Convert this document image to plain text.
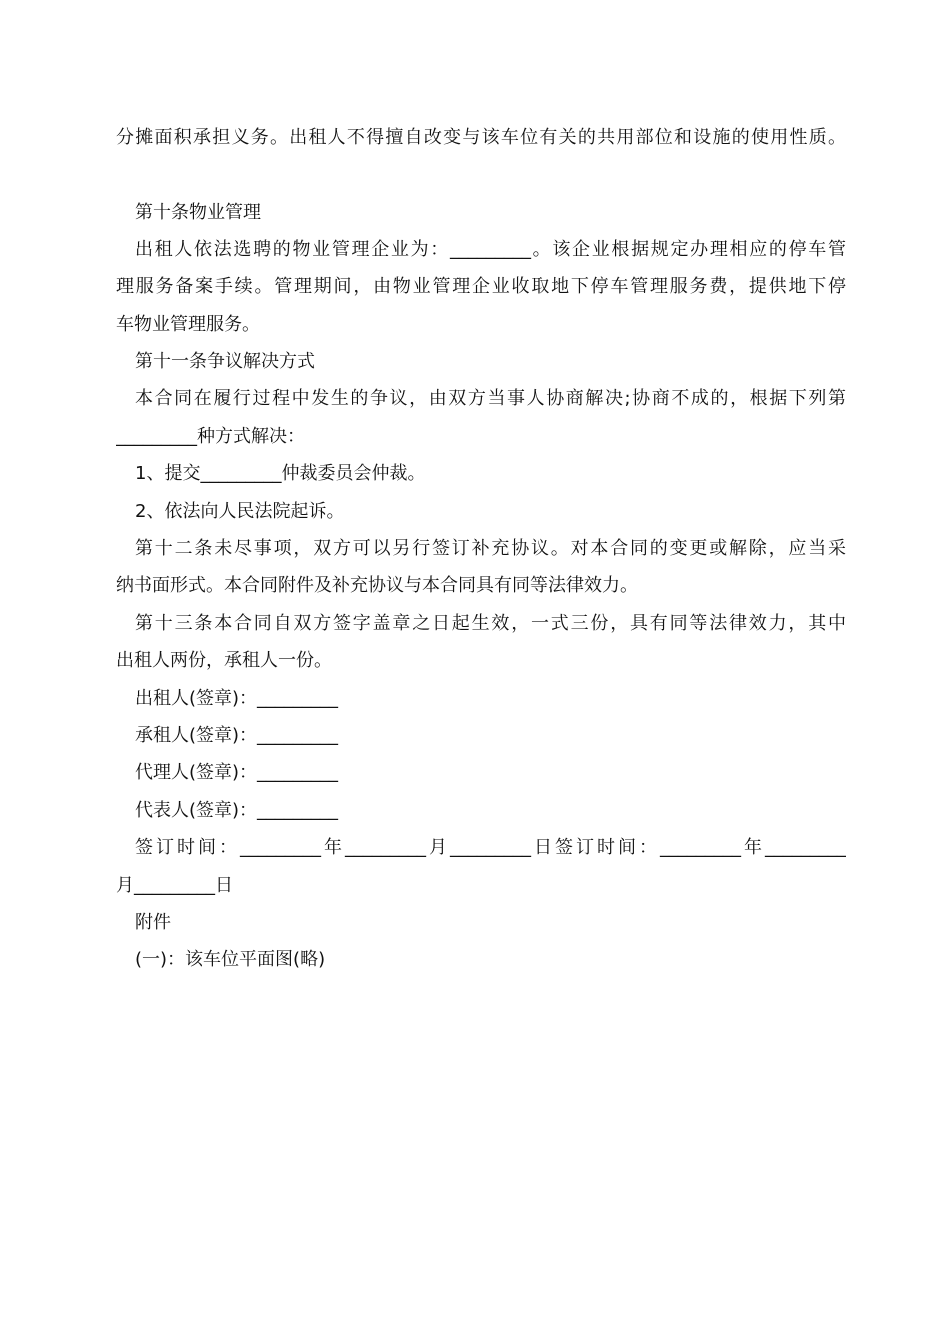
分摊面积承担义务。出租人不得擅自改变与该车位有关的共用部位和设施的使用性质。
第十条物业管理
出租人依法选聘的物业管理企业为：_________。该企业根据规定办理相应的停车管
理服务备案手续。管理期间，由物业管理企业收取地下停车管理服务费，提供地下停
车物业管理服务。
第十一条争议解决方式
本合同在履行过程中发生的争议，由双方当事人协商解决;协商不成的，根据下列第
_________种方式解决：
1、提交_________仲裁委员会仲裁。
2、依法向人民法院起诉。
第十二条未尽事项，双方可以另行签订补充协议。对本合同的变更或解除，应当采
纳书面形式。本合同附件及补充协议与本合同具有同等法律效力。
第十三条本合同自双方签字盖章之日起生效，一式三份，具有同等法律效力，其中
出租人两份，承租人一份。
出租人(签章)：_________
承租人(签章)：_________
代理人(签章)：_________
代表人(签章)：_________
签订时间：_________年_________月_________日签订时间：_________年_________
月_________日
附件
(一)：该车位平面图(略)
